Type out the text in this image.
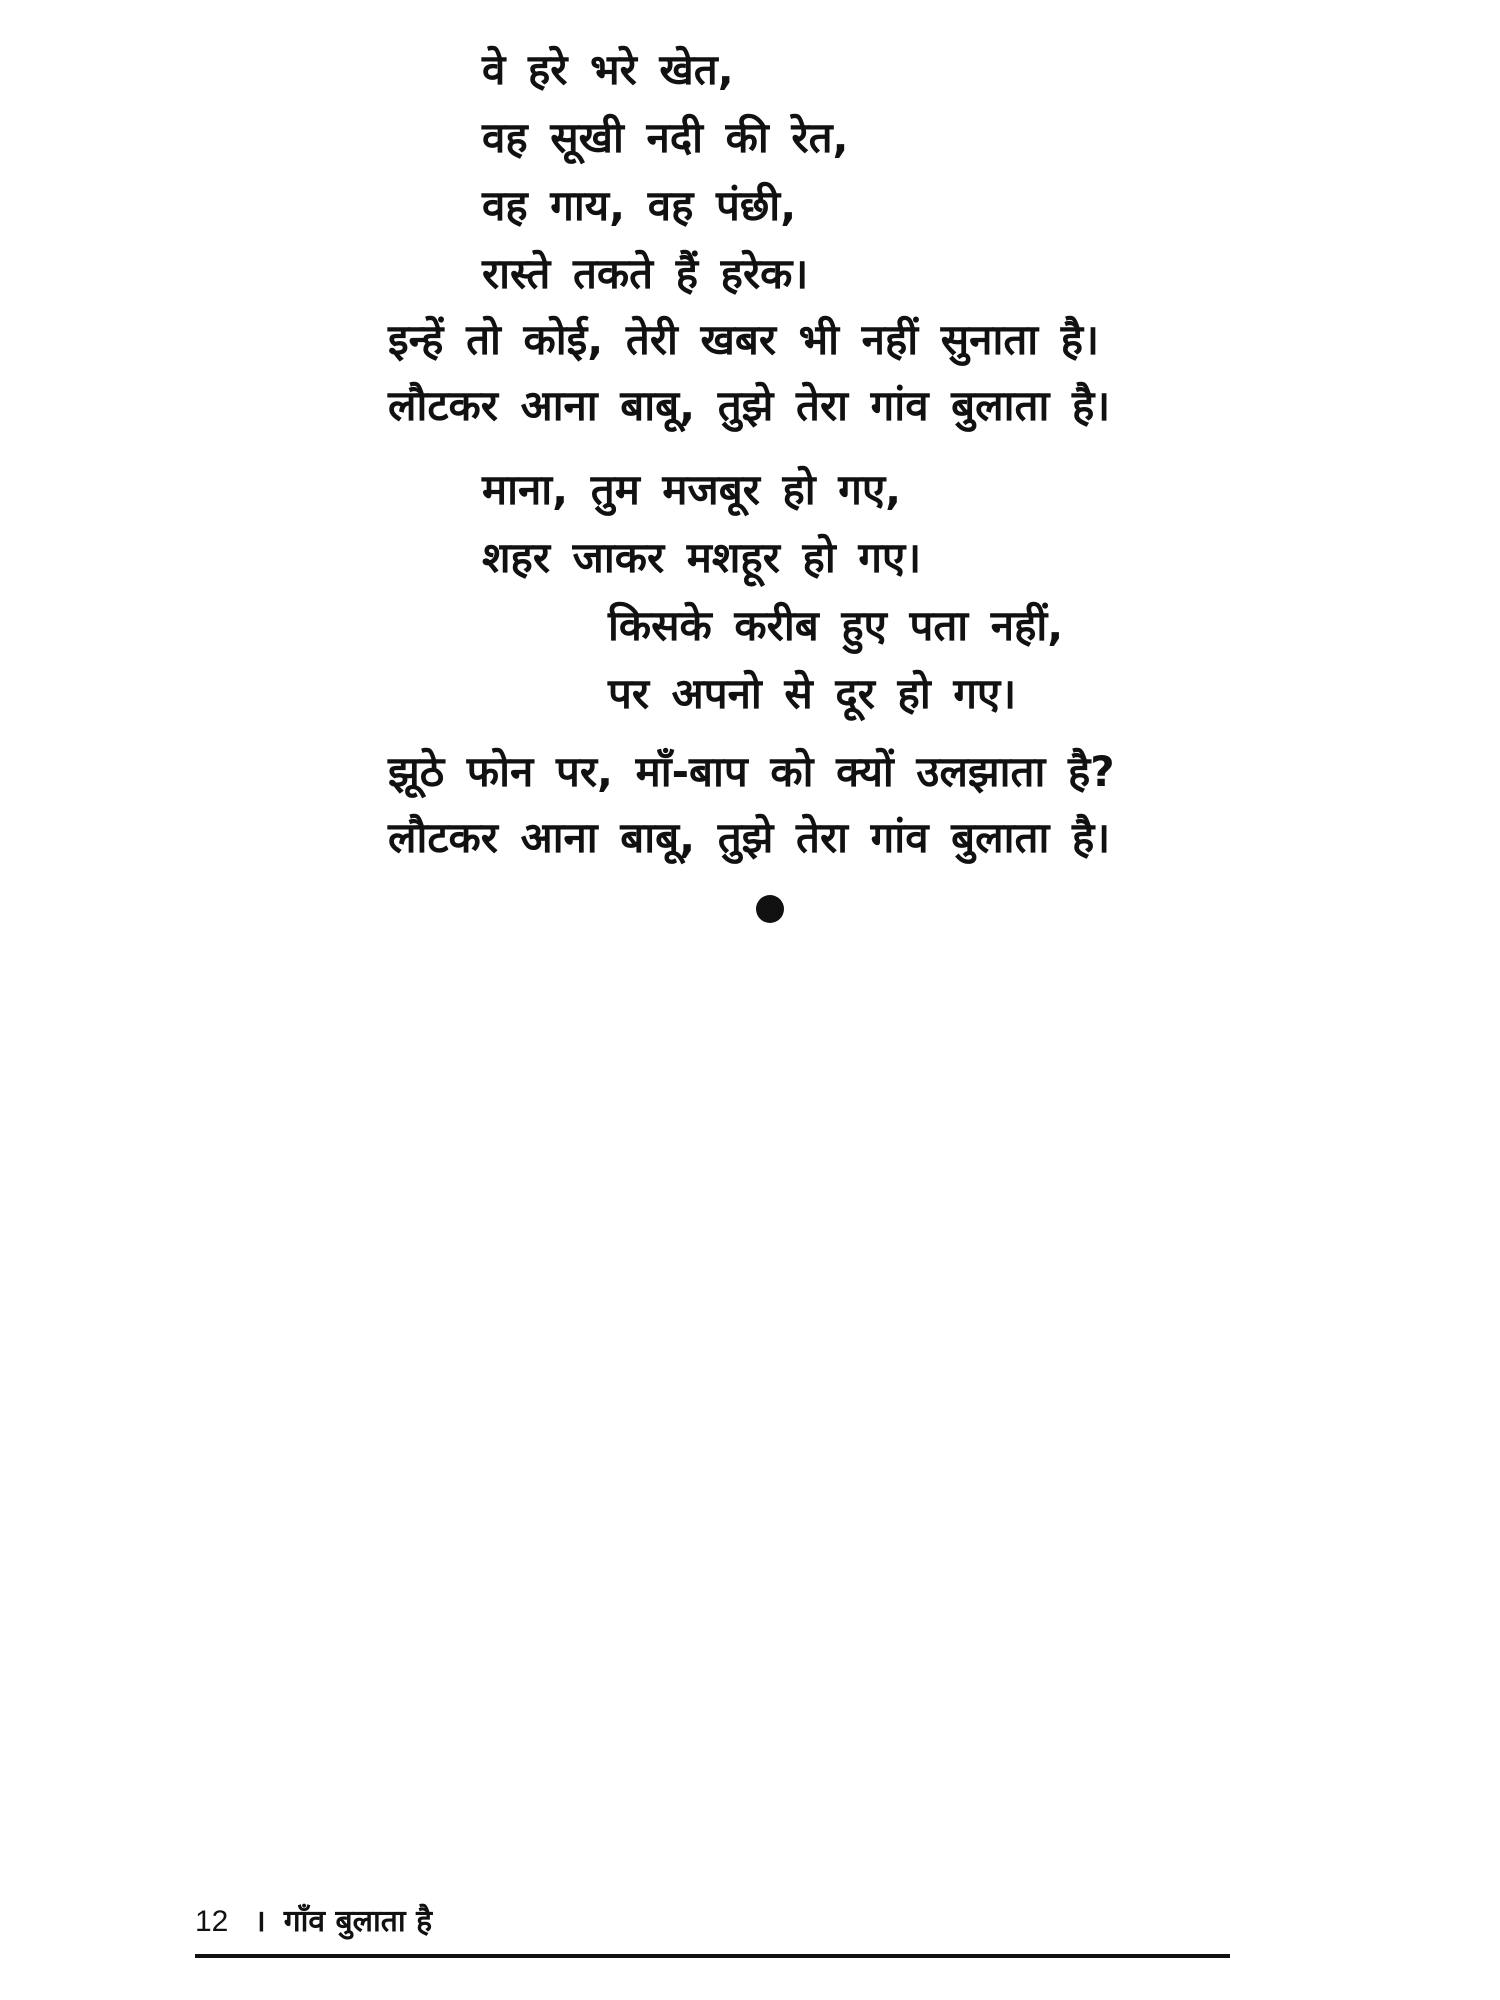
वे हरे भरे खेत,
वह सूखी नदी की रेत,
वह गाय, वह पंछी,
रास्ते तकते हैं हरेक।
इन्हें तो कोई, तेरी खबर भी नहीं सुनाता है।
लौटकर आना बाबू, तुझे तेरा गांव बुलाता है।
माना, तुम मजबूर हो गए,
शहर जाकर मशहूर हो गए।
किसके करीब हुए पता नहीं,
पर अपनो से दूर हो गए।
झूठे फोन पर, माँ-बाप को क्यों उलझाता है?
लौटकर आना बाबू, तुझे तेरा गांव बुलाता है।
12 । गाँव बुलाता है
